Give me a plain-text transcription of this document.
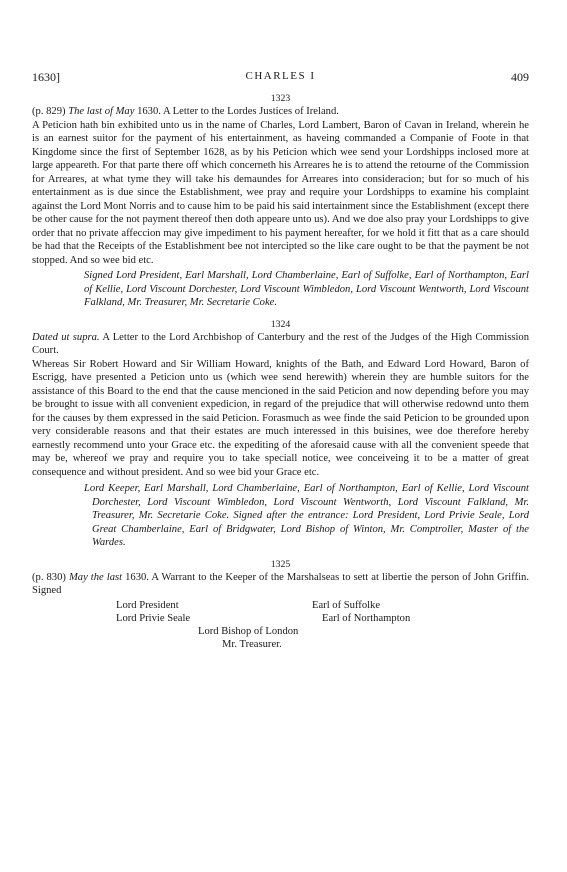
1630]	CHARLES I	409

1323

(p. 829) The last of May 1630. A Letter to the Lordes Justices of Ireland.

A Peticion hath bin exhibited unto us in the name of Charles, Lord Lambert, Baron of Cavan in Ireland, wherein he is an earnest suitor for the payment of his entertainment, as haveing commanded a Companie of Foote in that Kingdome since the first of September 1628, as by his Peticion which wee send your Lordshipps inclosed more at large appeareth. For that parte there off which concerneth his Arreares he is to attend the retourne of the Commission for Arreares, at what tyme they will take his demaundes for Arreares into consideracion; but for so much of his entertainment as is due since the Establishment, wee pray and require your Lordshipps to examine his complaint against the Lord Mont Norris and to cause him to be paid his said intertainment since the Establishment (except there be other cause for the not payment thereof then doth appeare unto us). And we doe also pray your Lordshipps to give order that no private affeccion may give impediment to his payment hereafter, for we hold it fitt that as a care should be had that the Receipts of the Establishment bee not intercipted so the like care ought to be that the payment be not stopped. And so wee bid etc.

Signed Lord President, Earl Marshall, Lord Chamberlaine, Earl of Suffolke, Earl of Northampton, Earl of Kellie, Lord Viscount Dorchester, Lord Viscount Wimbledon, Lord Viscount Wentworth, Lord Viscount Falkland, Mr. Treasurer, Mr. Secretarie Coke.

1324

Dated ut supra. A Letter to the Lord Archbishop of Canterbury and the rest of the Judges of the High Commission Court.

Whereas Sir Robert Howard and Sir William Howard, knights of the Bath, and Edward Lord Howard, Baron of Escrigg, have presented a Peticion unto us (which wee send herewith) wherein they are humble suitors for the assistance of this Board to the end that the cause mencioned in the said Peticion and now depending before you may be brought to issue with all convenient expedicion, in regard of the prejudice that will otherwise redownd unto them for the causes by them expressed in the said Peticion. Forasmuch as wee finde the said Peticion to be grounded upon very considerable reasons and that their estates are much interessed in this buisines, wee doe therefore hereby earnestly recommend unto your Grace etc. the expediting of the aforesaid cause with all the convenient speede that may be, whereof we pray and require you to take speciall notice, wee conceiveing it to be a matter of great consequence and without president. And so wee bid your Grace etc.

Lord Keeper, Earl Marshall, Lord Chamberlaine, Earl of Northampton, Earl of Kellie, Lord Viscount Dorchester, Lord Viscount Wimbledon, Lord Viscount Wentworth, Lord Viscount Falkland, Mr. Treasurer, Mr. Secretarie Coke. Signed after the entrance: Lord President, Lord Privie Seale, Lord Great Chamberlaine, Earl of Bridgwater, Lord Bishop of Winton, Mr. Comptroller, Master of the Wardes.

1325

(p. 830) May the last 1630. A Warrant to the Keeper of the Marshalseas to sett at libertie the person of John Griffin. Signed

Lord President	Earl of Suffolke
Lord Privie Seale	Earl of Northampton
Lord Bishop of London
Mr. Treasurer.
